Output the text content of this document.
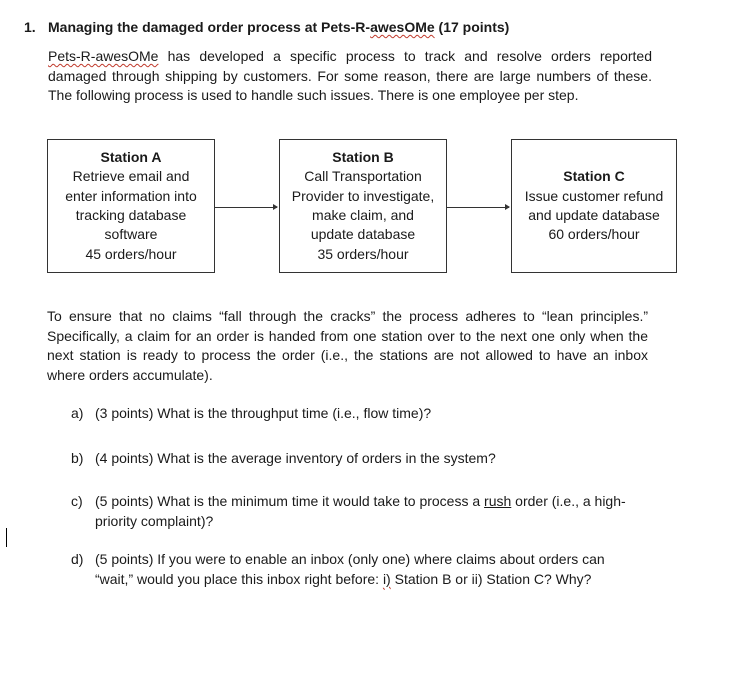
1. Managing the damaged order process at Pets-R-awesOMe (17 points)
Pets-R-awesOMe has developed a specific process to track and resolve orders reported damaged through shipping by customers. For some reason, there are large numbers of these. The following process is used to handle such issues. There is one employee per step.
Station A
Retrieve email and
enter information into
tracking database
software
45 orders/hour
Station B
Call Transportation
Provider to investigate,
make claim, and
update database
35 orders/hour
Station C
Issue customer refund
and update database
60 orders/hour
To ensure that no claims “fall through the cracks” the process adheres to “lean principles.” Specifically, a claim for an order is handed from one station over to the next one only when the next station is ready to process the order (i.e., the stations are not allowed to have an inbox where orders accumulate).
a) (3 points) What is the throughput time (i.e., flow time)?
b) (4 points) What is the average inventory of orders in the system?
c) (5 points) What is the minimum time it would take to process a rush order (i.e., a high-priority complaint)?
d) (5 points) If you were to enable an inbox (only one) where claims about orders can “wait,” would you place this inbox right before: i) Station B or ii) Station C? Why?
